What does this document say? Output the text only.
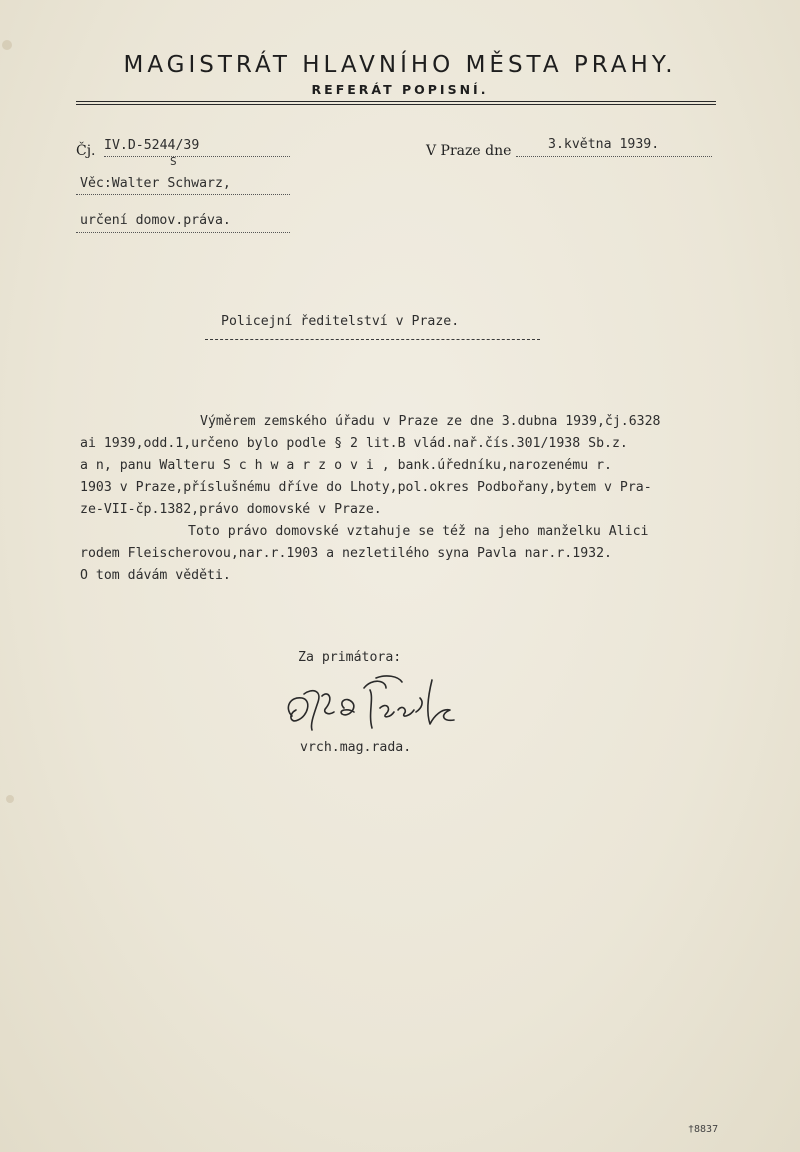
MAGISTRÁT HLAVNÍHO MĚSTA PRAHY.
REFERÁT POPISNÍ.
Čj. IV.D-5244/39
S
V Praze dne	3.května 1939.
Věc:Walter Schwarz,
určení domov.práva.
Policejní ředitelství v Praze.
Výměrem zemského úřadu v Praze ze dne 3.dubna 1939,čj.6328
ai 1939,odd.1,určeno bylo podle § 2 lit.B vlád.nař.čís.301/1938 Sb.z.
a n, panu Walteru S c h w a r z o v i , bank.úředníku,narozenému r.
1903 v Praze,příslušnému dříve do Lhoty,pol.okres Podbořany,bytem v Pra-
ze-VII-čp.1382,právo domovské v Praze.
Toto právo domovské vztahuje se též na jeho manželku Alici
rodem Fleischerovou,nar.r.1903 a nezletilého syna Pavla nar.r.1932.
O tom dávám věděti.
Za primátora:
vrch.mag.rada.
†8837
